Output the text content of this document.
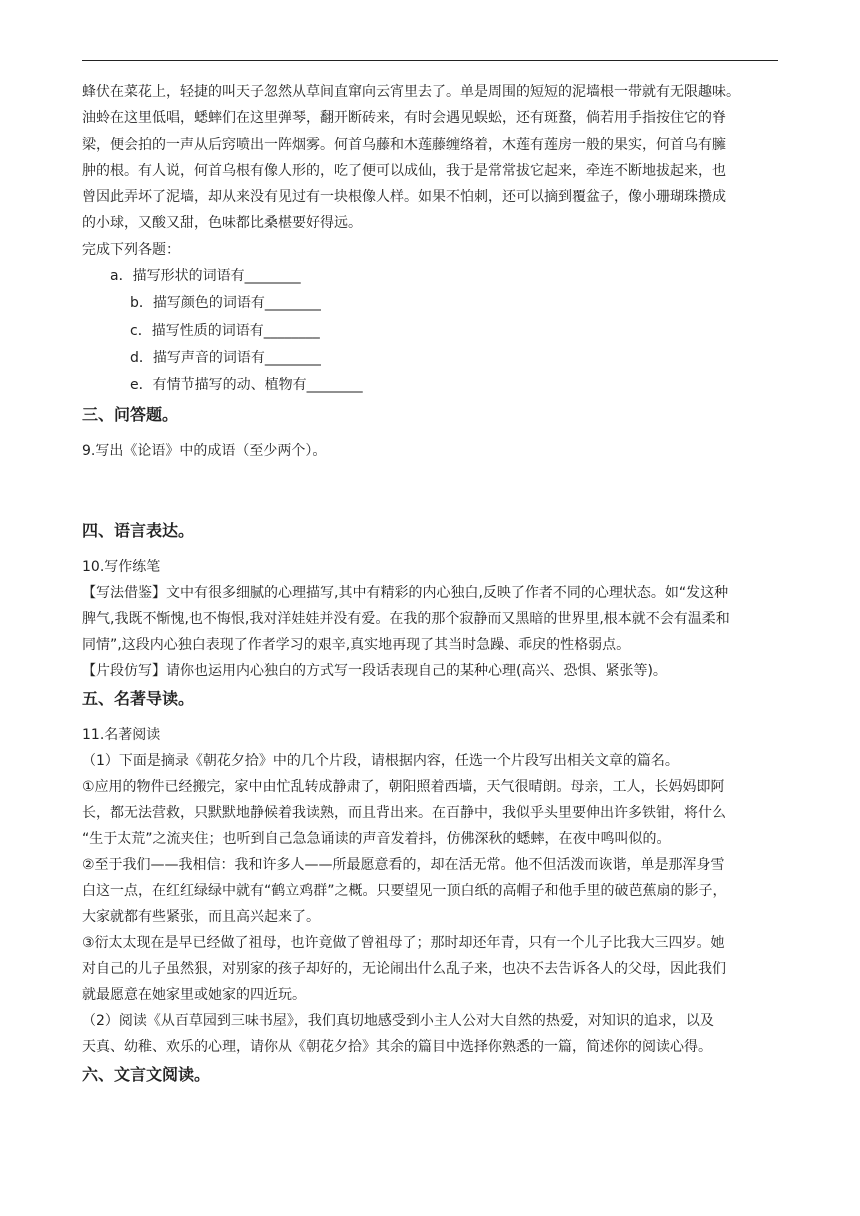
蜂伏在菜花上，轻捷的叫天子忽然从草间直窜向云宵里去了。单是周围的短短的泥墙根一带就有无限趣味。

油蛉在这里低唱，蟋蟀们在这里弹琴，翻开断砖来，有时会遇见蜈蚣，还有斑蝥，倘若用手指按住它的脊

梁，便会拍的一声从后窍喷出一阵烟雾。何首乌藤和木莲藤缠络着，木莲有莲房一般的果实，何首乌有臃

肿的根。有人说，何首乌根有像人形的，吃了便可以成仙，我于是常常拔它起来，牵连不断地拔起来，也

曾因此弄坏了泥墙，却从来没有见过有一块根像人样。如果不怕刺，还可以摘到覆盆子，像小珊瑚珠攒成

的小球，又酸又甜，色味都比桑椹要好得远。

完成下列各题：

a．描写形状的词语有________

b．描写颜色的词语有________

c．描写性质的词语有________

d．描写声音的词语有________

e．有情节描写的动、植物有________

三、问答题。

9.写出《论语》中的成语（至少两个）。

四、语言表达。

10.写作练笔

【写法借鉴】文中有很多细腻的心理描写,其中有精彩的内心独白,反映了作者不同的心理状态。如“发这种

脾气,我既不惭愧,也不悔恨,我对洋娃娃并没有爱。在我的那个寂静而又黑暗的世界里,根本就不会有温柔和

同情”,这段内心独白表现了作者学习的艰辛,真实地再现了其当时急躁、乖戾的性格弱点。

【片段仿写】请你也运用内心独白的方式写一段话表现自己的某种心理(高兴、恐惧、紧张等)。

五、名著导读。

11.名著阅读

（1）下面是摘录《朝花夕拾》中的几个片段，请根据内容，任选一个片段写出相关文章的篇名。

①应用的物件已经搬完，家中由忙乱转成静肃了，朝阳照着西墙，天气很晴朗。母亲，工人，长妈妈即阿

长，都无法营救，只默默地静候着我读熟，而且背出来。在百静中，我似乎头里要伸出许多铁钳，将什么

“生于太荒”之流夹住；也听到自己急急诵读的声音发着抖，仿佛深秋的蟋蟀，在夜中鸣叫似的。

②至于我们——我相信：我和许多人——所最愿意看的，却在活无常。他不但活泼而诙谐，单是那浑身雪

白这一点，在红红绿绿中就有“鹤立鸡群”之概。只要望见一顶白纸的高帽子和他手里的破芭蕉扇的影子，

大家就都有些紧张，而且高兴起来了。

③衍太太现在是早已经做了祖母，也许竟做了曾祖母了；那时却还年青，只有一个儿子比我大三四岁。她

对自己的儿子虽然狠，对别家的孩子却好的，无论闹出什么乱子来，也决不去告诉各人的父母，因此我们

就最愿意在她家里或她家的四近玩。

（2）阅读《从百草园到三味书屋》，我们真切地感受到小主人公对大自然的热爱，对知识的追求，以及

天真、幼稚、欢乐的心理，请你从《朝花夕拾》其余的篇目中选择你熟悉的一篇，简述你的阅读心得。

六、文言文阅读。
